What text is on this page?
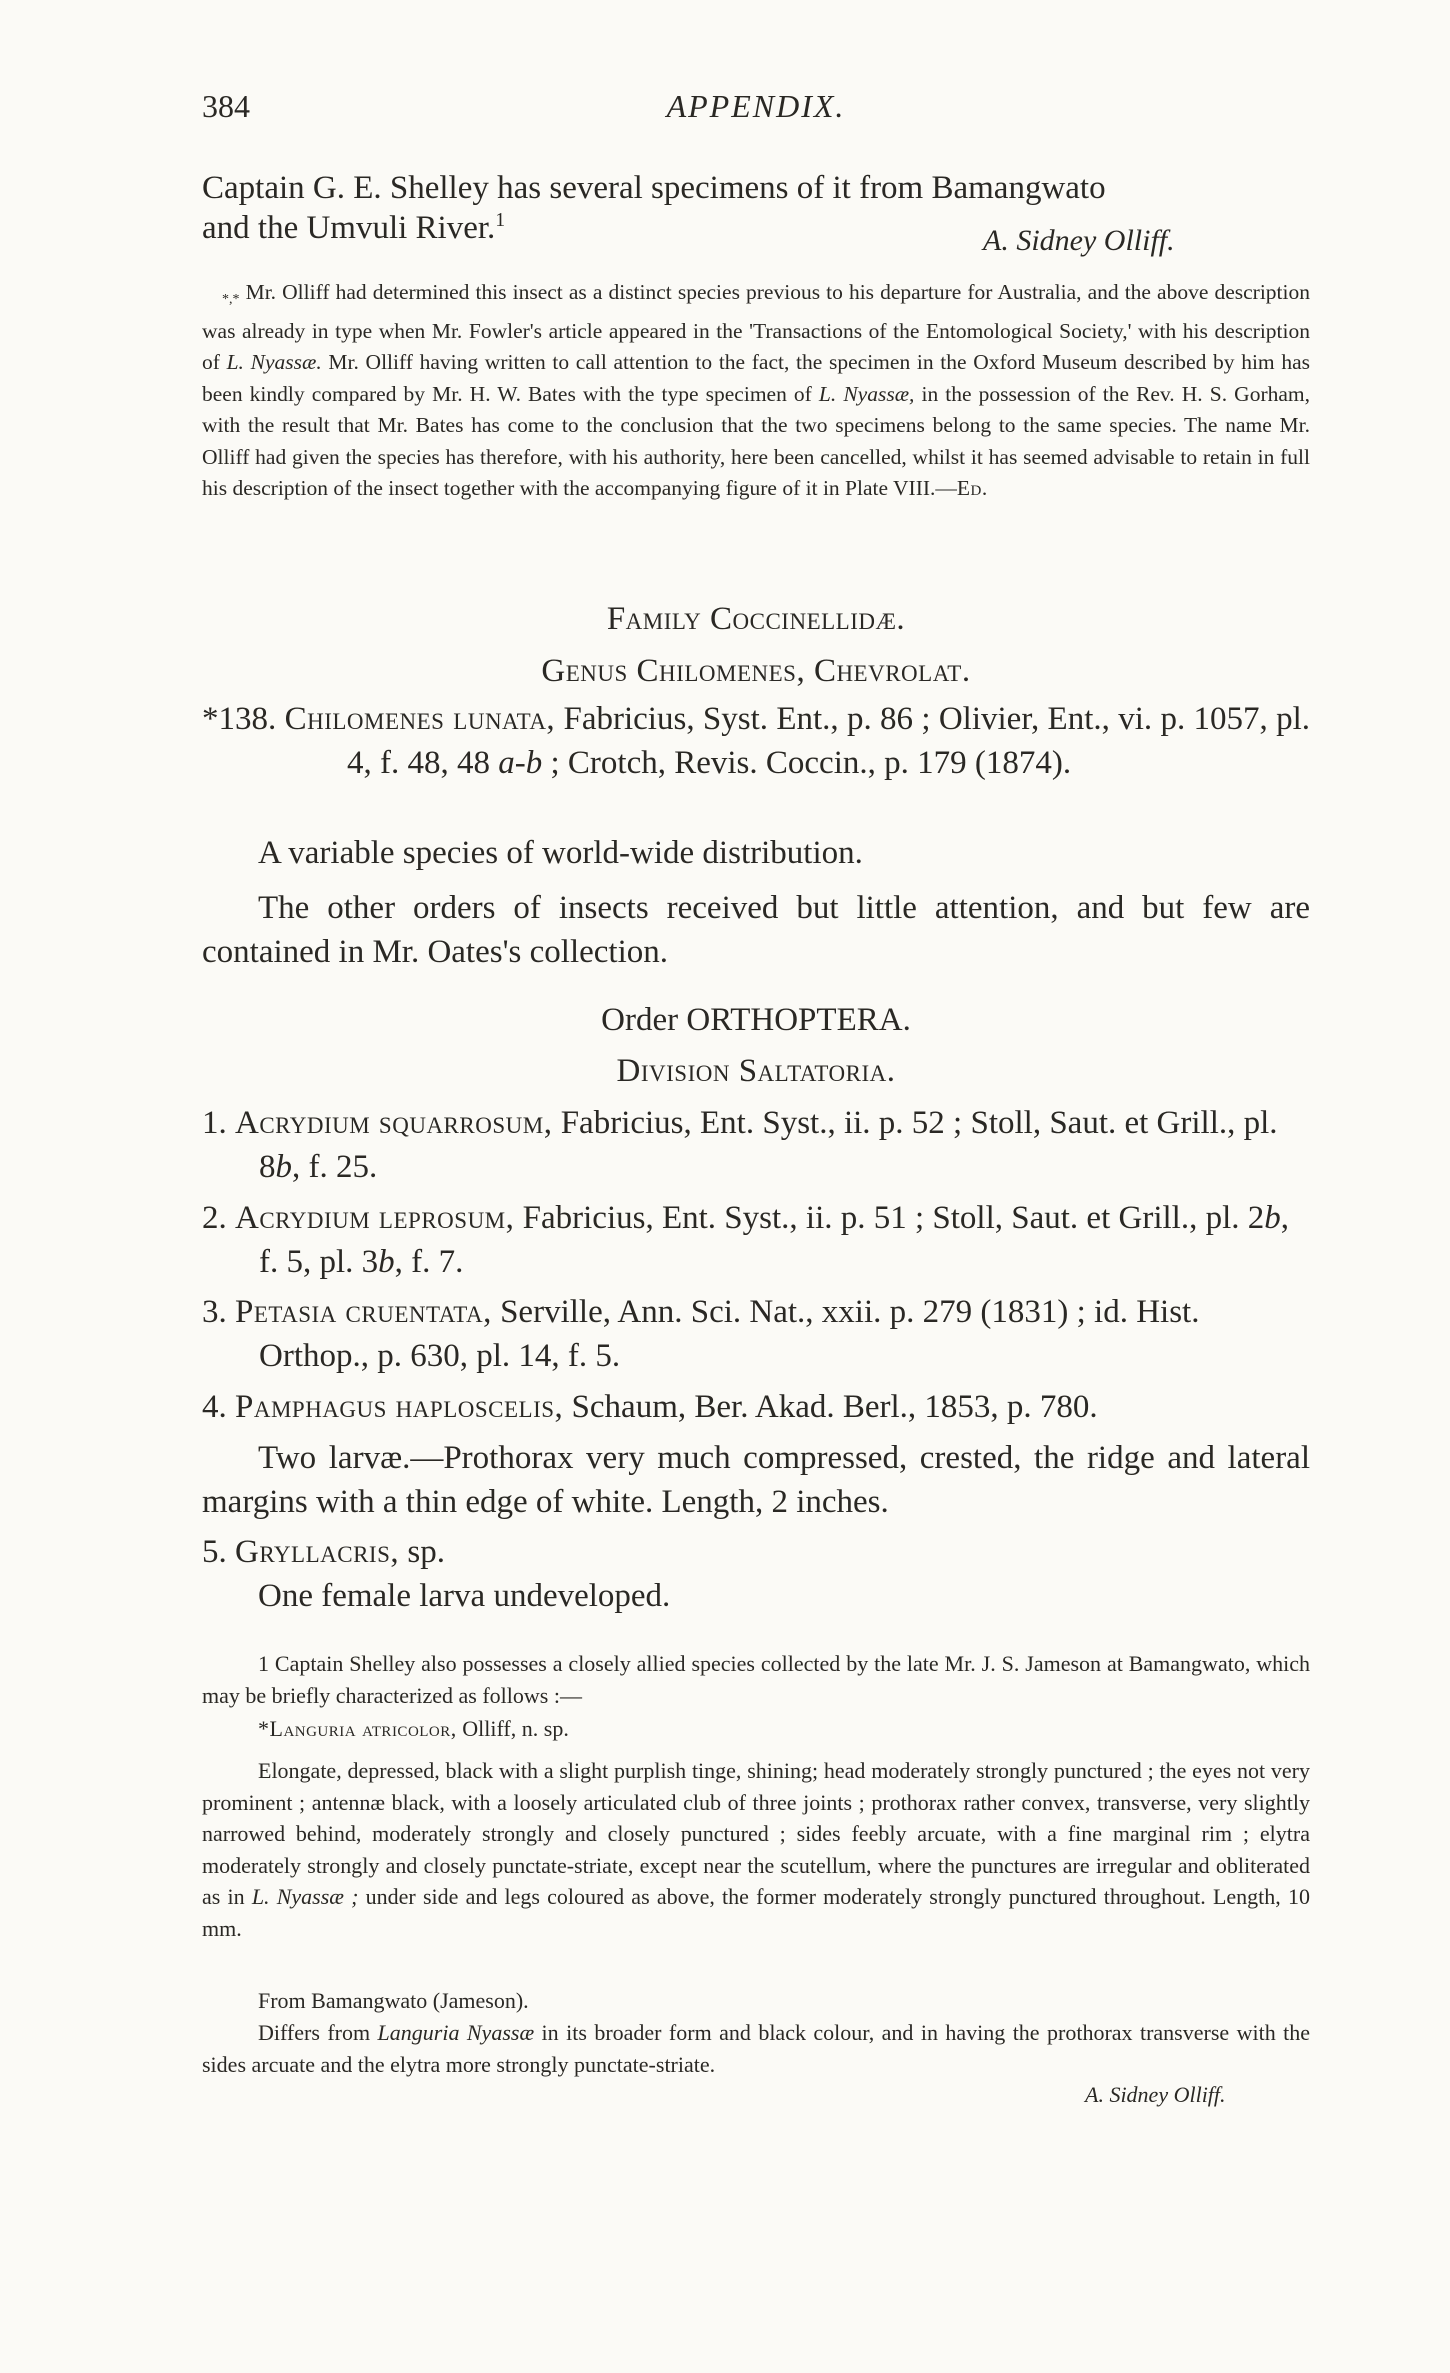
384	APPENDIX.

Captain G. E. Shelley has several specimens of it from Bamangwato

and the Umvuli River.$^1$

A. Sidney Olliff.

*,* Mr. Olliff had determined this insect as a distinct species previous to his departure for Australia, and the above description was already in type when Mr. Fowler's article appeared in the 'Transactions of the Entomological Society,' with his description of L. Nyassæ. Mr. Olliff having written to call attention to the fact, the specimen in the Oxford Museum described by him has been kindly compared by Mr. H. W. Bates with the type specimen of L. Nyassæ, in the possession of the Rev. H. S. Gorham, with the result that Mr. Bates has come to the conclusion that the two specimens belong to the same species. The name Mr. Olliff had given the species has therefore, with his authority, here been cancelled, whilst it has seemed advisable to retain in full his description of the insect together with the accompanying figure of it in Plate VIII.—Ed.

Family Coccinellidæ.

Genus Chilomenes, Chevrolat.

*138. Chilomenes lunata, Fabricius, Syst. Ent., p. 86 ; Olivier, Ent., vi. p. 1057, pl. 4, f. 48, 48 a-b ; Crotch, Revis. Coccin., p. 179 (1874).

A variable species of world-wide distribution.

The other orders of insects received but little attention, and but few are contained in Mr. Oates's collection.

Order ORTHOPTERA.

Division Saltatoria.

1. Acrydium squarrosum, Fabricius, Ent. Syst., ii. p. 52 ; Stoll, Saut. et Grill., pl. 8b, f. 25.

2. Acrydium leprosum, Fabricius, Ent. Syst., ii. p. 51 ; Stoll, Saut. et Grill., pl. 2b, f. 5, pl. 3b, f. 7.

3. Petasia cruentata, Serville, Ann. Sci. Nat., xxii. p. 279 (1831) ; id. Hist. Orthop., p. 630, pl. 14, f. 5.

4. Pamphagus haploscelis, Schaum, Ber. Akad. Berl., 1853, p. 780.

Two larvæ.—Prothorax very much compressed, crested, the ridge and lateral margins with a thin edge of white. Length, 2 inches.

5. Gryllacris, sp.

One female larva undeveloped.

1 Captain Shelley also possesses a closely allied species collected by the late Mr. J. S. Jameson at Bamangwato, which may be briefly characterized as follows :—

*Languria atricolor, Olliff, n. sp.

Elongate, depressed, black with a slight purplish tinge, shining; head moderately strongly punctured ; the eyes not very prominent ; antennæ black, with a loosely articulated club of three joints ; prothorax rather convex, transverse, very slightly narrowed behind, moderately strongly and closely punctured ; sides feebly arcuate, with a fine marginal rim ; elytra moderately strongly and closely punctate-striate, except near the scutellum, where the punctures are irregular and obliterated as in L. Nyassæ ; under side and legs coloured as above, the former moderately strongly punctured throughout. Length, 10 mm.

From Bamangwato (Jameson).

Differs from Languria Nyassæ in its broader form and black colour, and in having the prothorax transverse with the sides arcuate and the elytra more strongly punctate-striate.

A. Sidney Olliff.
